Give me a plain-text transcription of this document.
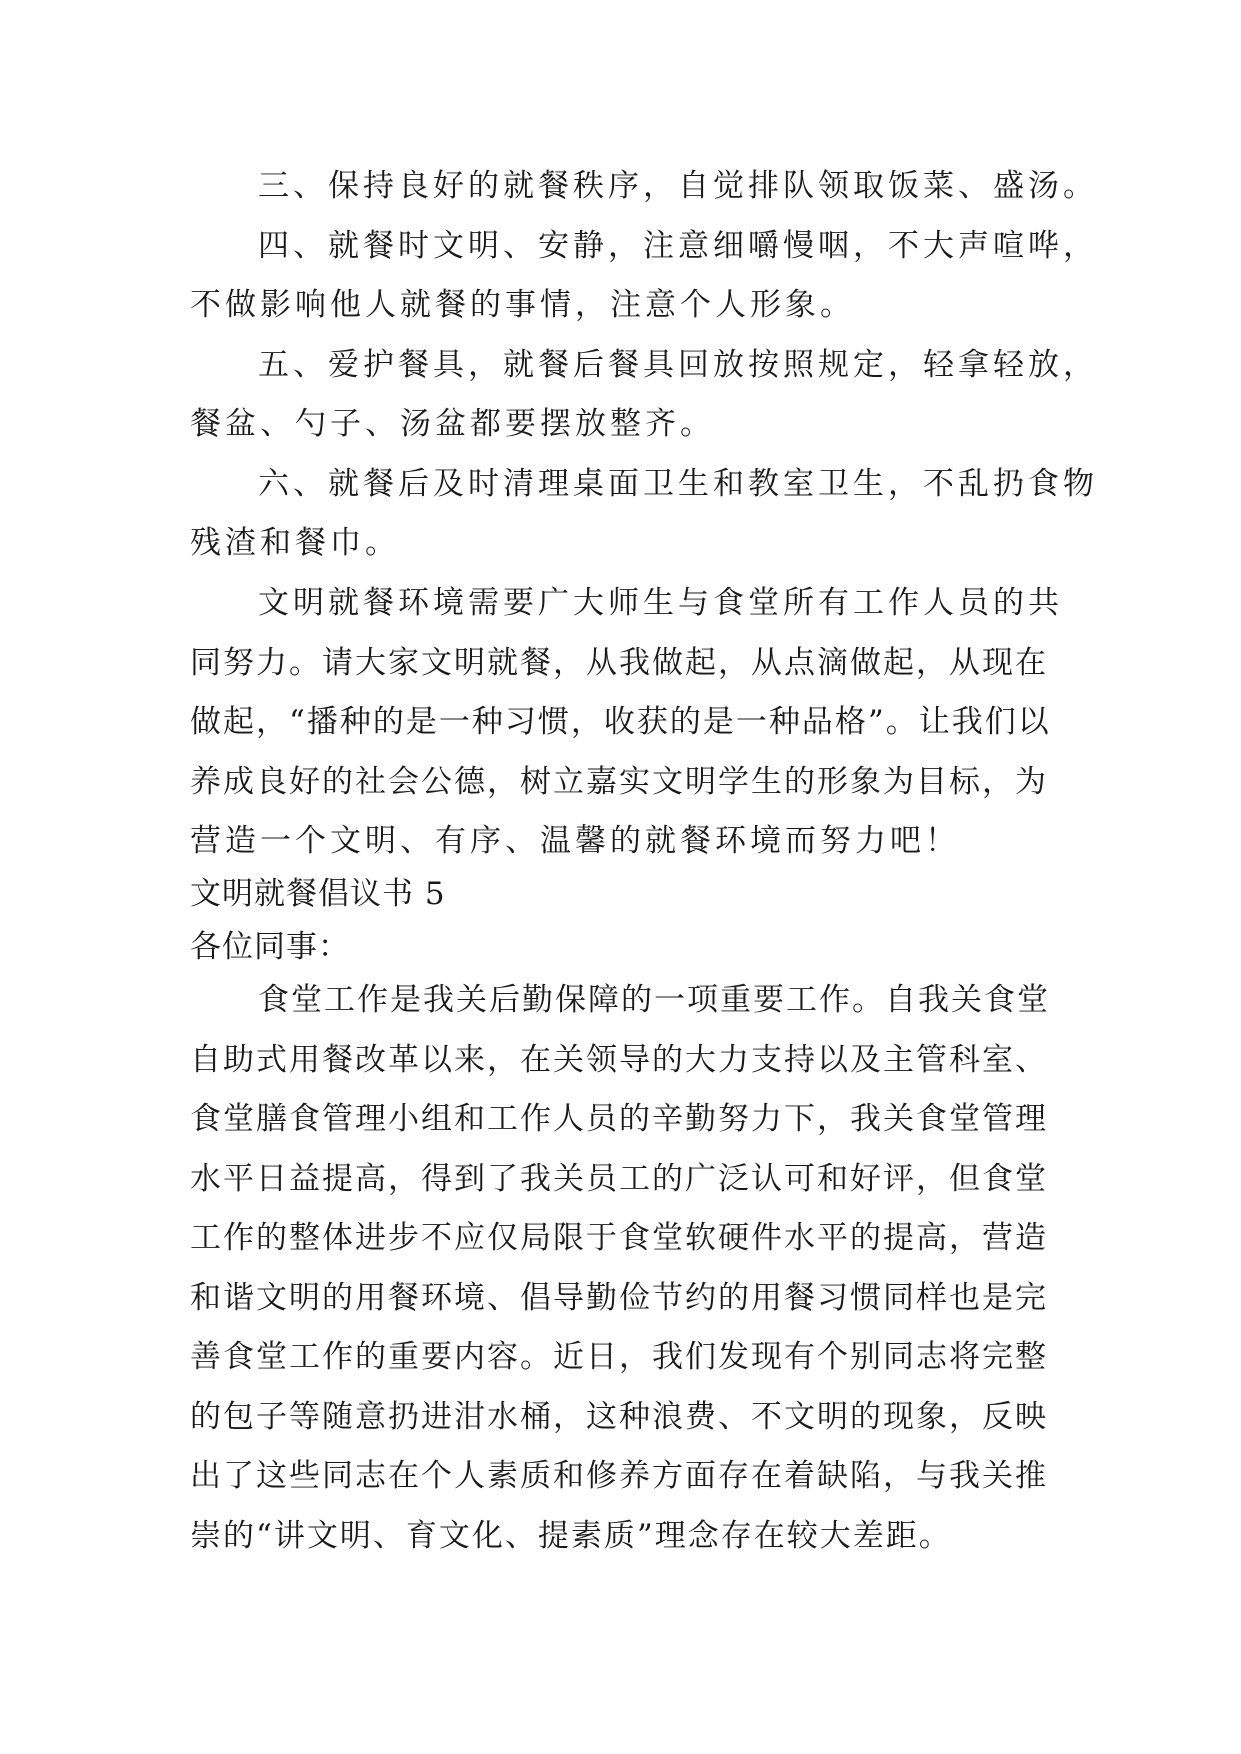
三、保持良好的就餐秩序，自觉排队领取饭菜、盛汤。
四、就餐时文明、安静，注意细嚼慢咽，不大声喧哗，
不做影响他人就餐的事情，注意个人形象。
五、爱护餐具，就餐后餐具回放按照规定，轻拿轻放，
餐盆、勺子、汤盆都要摆放整齐。
六、就餐后及时清理桌面卫生和教室卫生，不乱扔食物
残渣和餐巾。
文明就餐环境需要广大师生与食堂所有工作人员的共
同努力。请大家文明就餐，从我做起，从点滴做起，从现在
做起，“播种的是一种习惯，收获的是一种品格”。让我们以
养成良好的社会公德，树立嘉实文明学生的形象为目标，为
营造一个文明、有序、温馨的就餐环境而努力吧！
文明就餐倡议书 5
各位同事：
食堂工作是我关后勤保障的一项重要工作。自我关食堂
自助式用餐改革以来，在关领导的大力支持以及主管科室、
食堂膳食管理小组和工作人员的辛勤努力下，我关食堂管理
水平日益提高，得到了我关员工的广泛认可和好评，但食堂
工作的整体进步不应仅局限于食堂软硬件水平的提高，营造
和谐文明的用餐环境、倡导勤俭节约的用餐习惯同样也是完
善食堂工作的重要内容。近日，我们发现有个别同志将完整
的包子等随意扔进泔水桶，这种浪费、不文明的现象，反映
出了这些同志在个人素质和修养方面存在着缺陷，与我关推
崇的“讲文明、育文化、提素质”理念存在较大差距。
